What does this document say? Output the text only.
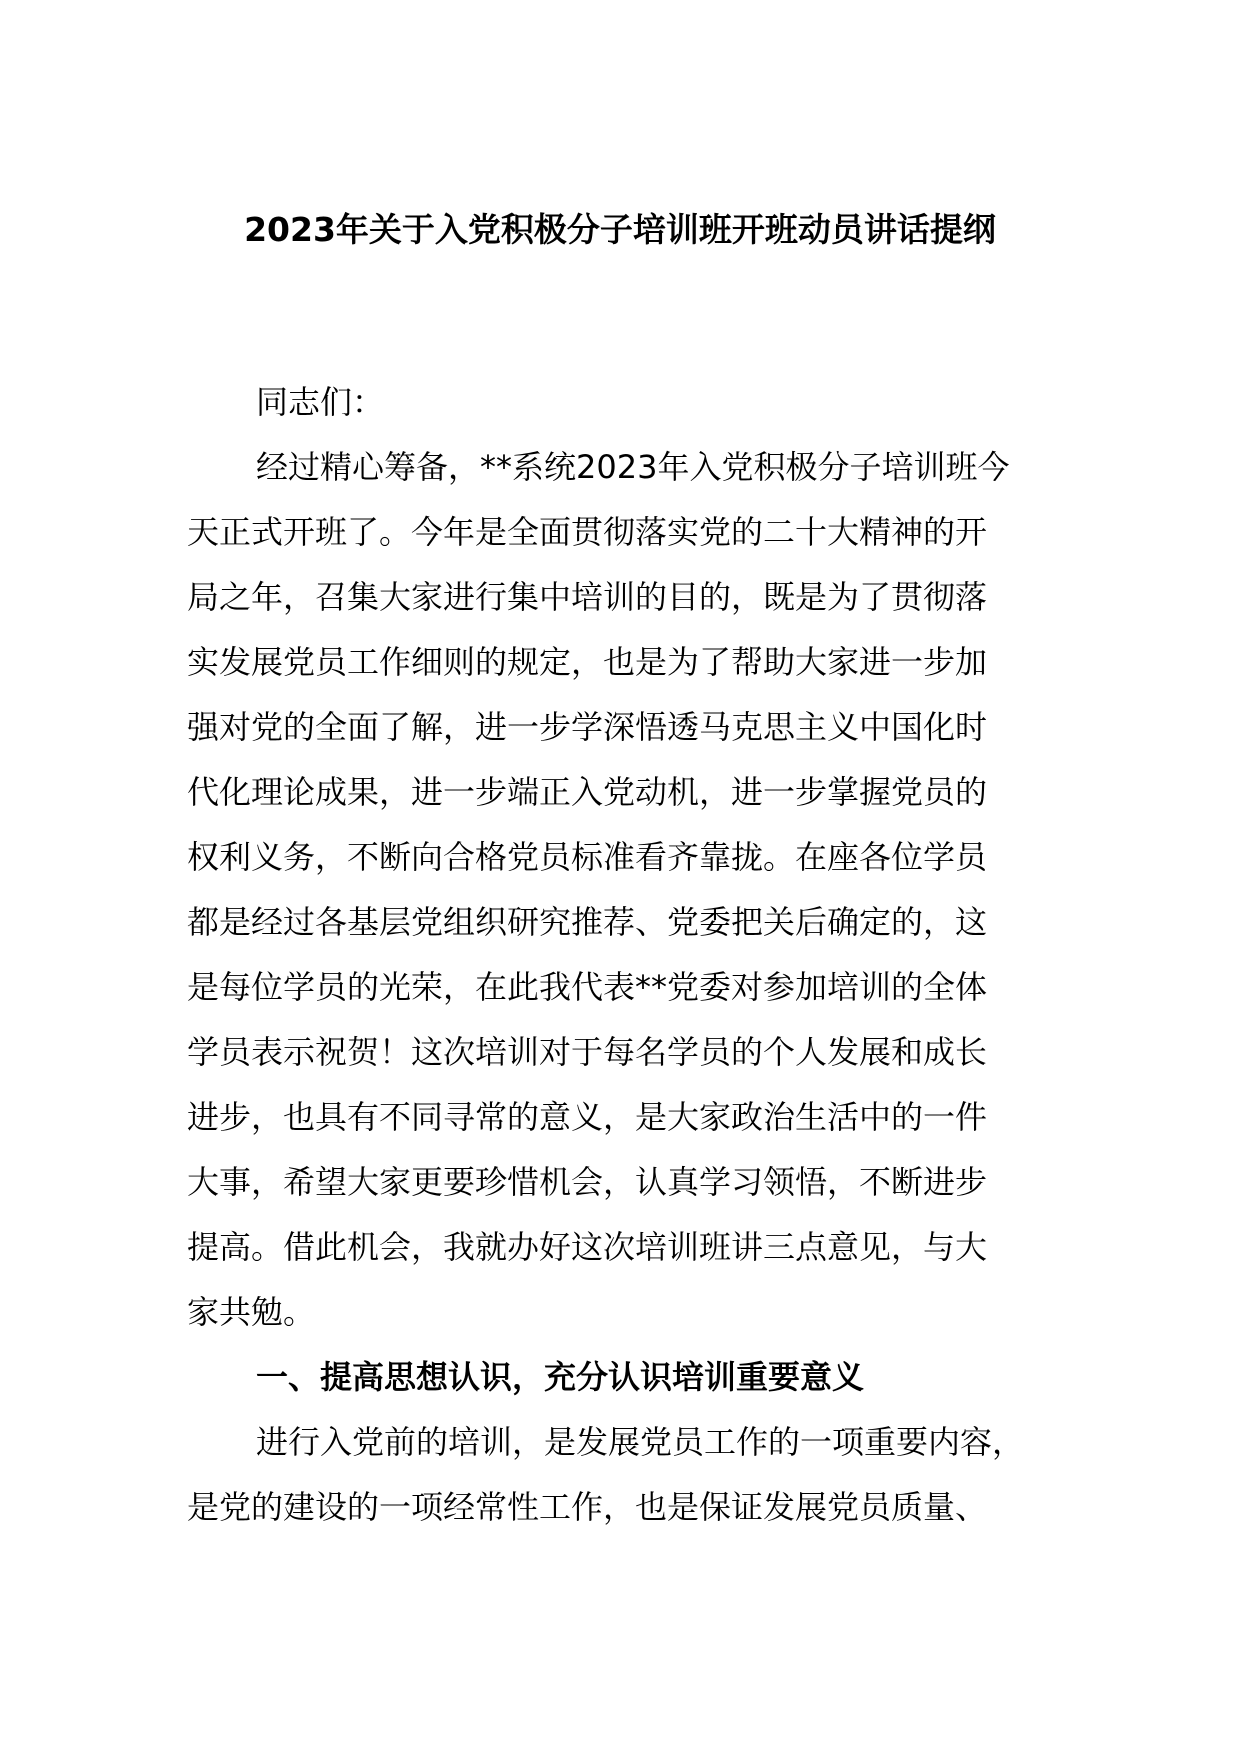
2023年关于入党积极分子培训班开班动员讲话提纲
同志们：
经过精心筹备，**系统2023年入党积极分子培训班今
天正式开班了。今年是全面贯彻落实党的二十大精神的开
局之年，召集大家进行集中培训的目的，既是为了贯彻落
实发展党员工作细则的规定，也是为了帮助大家进一步加
强对党的全面了解，进一步学深悟透马克思主义中国化时
代化理论成果，进一步端正入党动机，进一步掌握党员的
权利义务，不断向合格党员标准看齐靠拢。在座各位学员
都是经过各基层党组织研究推荐、党委把关后确定的，这
是每位学员的光荣，在此我代表**党委对参加培训的全体
学员表示祝贺！这次培训对于每名学员的个人发展和成长
进步，也具有不同寻常的意义，是大家政治生活中的一件
大事，希望大家更要珍惜机会，认真学习领悟，不断进步
提高。借此机会，我就办好这次培训班讲三点意见，与大
家共勉。
一、提高思想认识，充分认识培训重要意义
进行入党前的培训，是发展党员工作的一项重要内容，
是党的建设的一项经常性工作，也是保证发展党员质量、
